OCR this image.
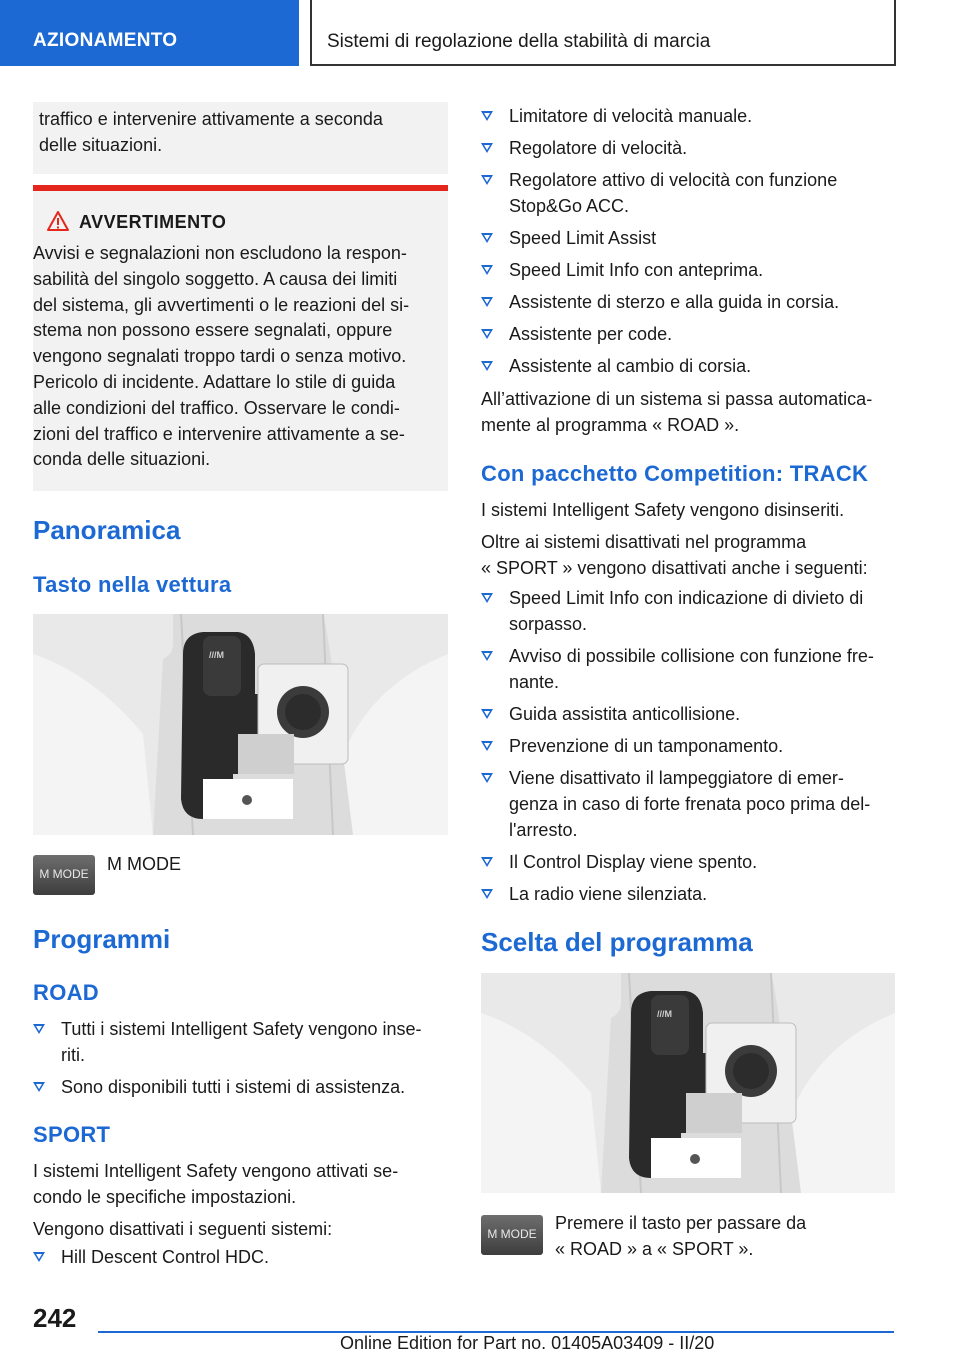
AZIONAMENTO	Sistemi di regolazione della stabilità di marcia
traffico e intervenire attivamente a seconda
delle situazioni.
AVVERTIMENTO
Avvisi e segnalazioni non escludono la respon-
sabilità del singolo soggetto. A causa dei limiti
del sistema, gli avvertimenti o le reazioni del si-
stema non possono essere segnalati, oppure
vengono segnalati troppo tardi o senza motivo.
Pericolo di incidente. Adattare lo stile di guida
alle condizioni del traffico. Osservare le condi-
zioni del traffico e intervenire attivamente a se-
conda delle situazioni.
Panoramica
Tasto nella vettura
///M
M MODE	M MODE
Programmi
ROAD
Tutti i sistemi Intelligent Safety vengono inse-
riti.
Sono disponibili tutti i sistemi di assistenza.
SPORT
I sistemi Intelligent Safety vengono attivati se-
condo le specifiche impostazioni.
Vengono disattivati i seguenti sistemi:
Hill Descent Control HDC.
Limitatore di velocità manuale.
Regolatore di velocità.
Regolatore attivo di velocità con funzione
Stop&Go ACC.
Speed Limit Assist
Speed Limit Info con anteprima.
Assistente di sterzo e alla guida in corsia.
Assistente per code.
Assistente al cambio di corsia.
All’attivazione di un sistema si passa automatica-
mente al programma « ROAD ».
Con pacchetto Competition: TRACK
I sistemi Intelligent Safety vengono disinseriti.
Oltre ai sistemi disattivati nel programma
« SPORT » vengono disattivati anche i seguenti:
Speed Limit Info con indicazione di divieto di
sorpasso.
Avviso di possibile collisione con funzione fre-
nante.
Guida assistita anticollisione.
Prevenzione di un tamponamento.
Viene disattivato il lampeggiatore di emer-
genza in caso di forte frenata poco prima del-
l'arresto.
Il Control Display viene spento.
La radio viene silenziata.
Scelta del programma
///M
M MODE
Premere il tasto per passare da
« ROAD » a « SPORT ».
242
Online Edition for Part no. 01405A03409 - II/20
